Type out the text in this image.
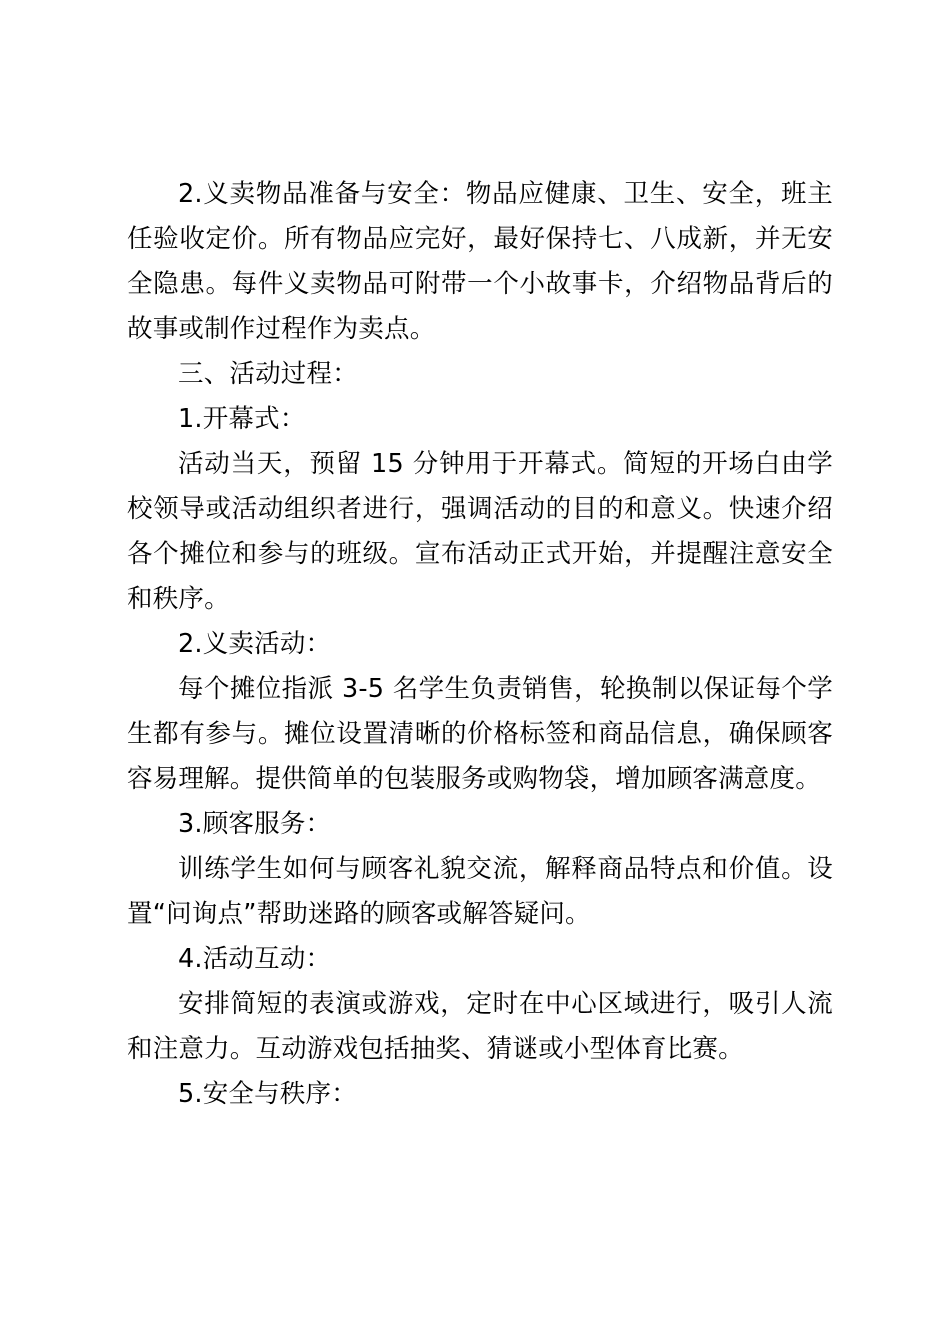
2.义卖物品准备与安全：物品应健康、卫生、安全，班主任验收定价。所有物品应完好，最好保持七、八成新，并无安全隐患。每件义卖物品可附带一个小故事卡，介绍物品背后的故事或制作过程作为卖点。

三、活动过程：

1.开幕式：

活动当天，预留 15 分钟用于开幕式。简短的开场白由学校领导或活动组织者进行，强调活动的目的和意义。快速介绍各个摊位和参与的班级。宣布活动正式开始，并提醒注意安全和秩序。

2.义卖活动：

每个摊位指派 3-5 名学生负责销售，轮换制以保证每个学生都有参与。摊位设置清晰的价格标签和商品信息，确保顾客容易理解。提供简单的包装服务或购物袋，增加顾客满意度。

3.顾客服务：

训练学生如何与顾客礼貌交流，解释商品特点和价值。设置“问询点”帮助迷路的顾客或解答疑问。

4.活动互动：

安排简短的表演或游戏，定时在中心区域进行，吸引人流和注意力。互动游戏包括抽奖、猜谜或小型体育比赛。

5.安全与秩序：
